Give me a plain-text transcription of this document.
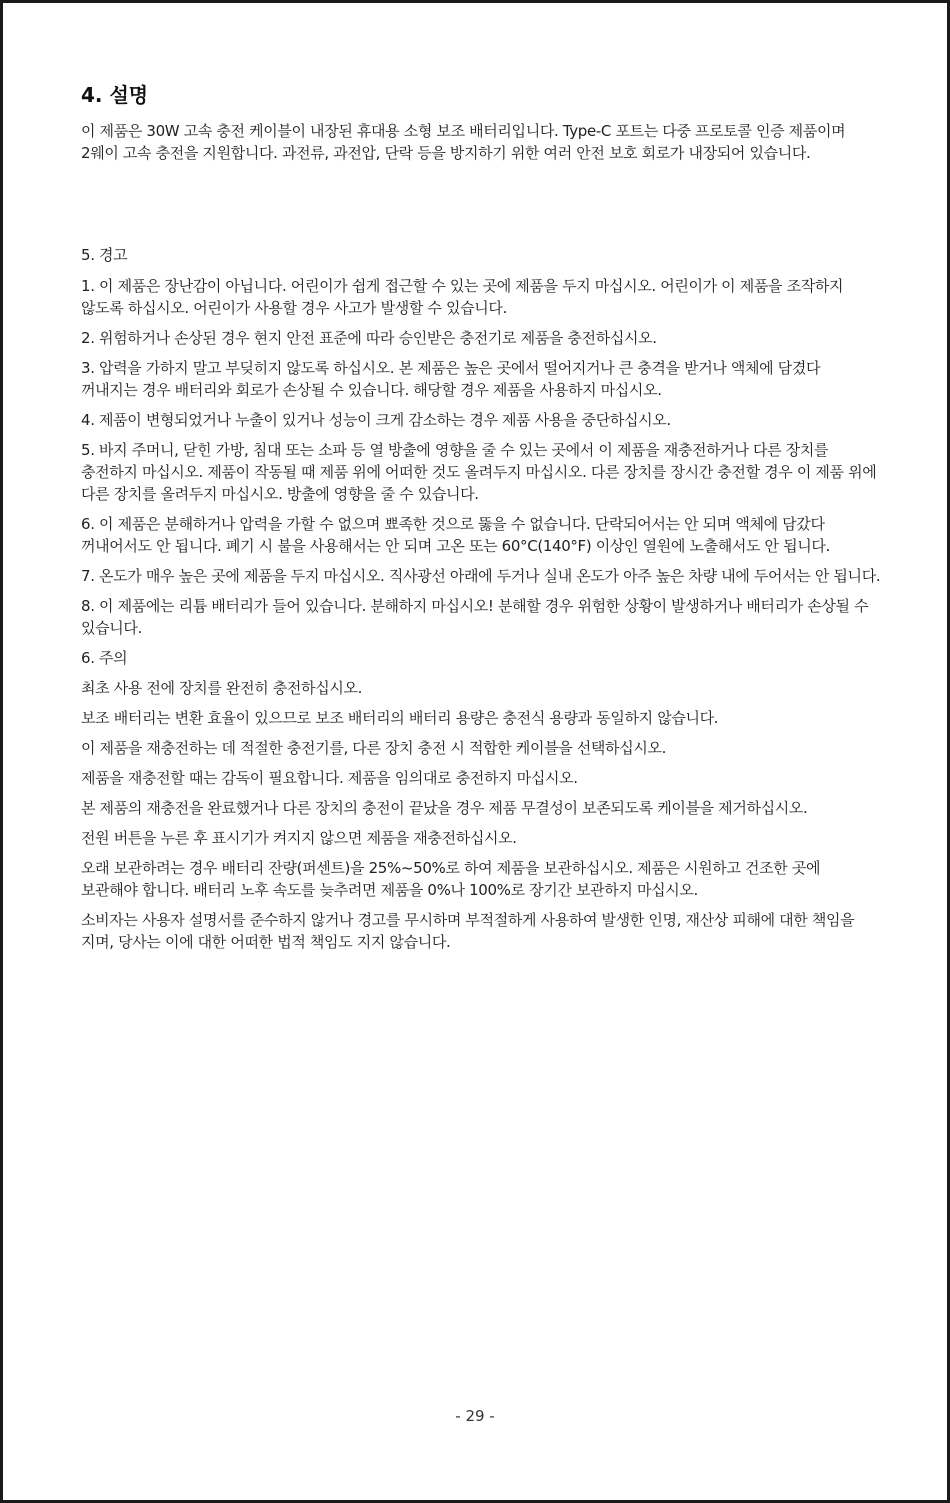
4. 설명

이 제품은 30W 고속 충전 케이블이 내장된 휴대용 소형 보조 배터리입니다. Type-C 포트는 다중 프로토콜 인증 제품이며 2웨이 고속 충전을 지원합니다. 과전류, 과전압, 단락 등을 방지하기 위한 여러 안전 보호 회로가 내장되어 있습니다.

5. 경고

1. 이 제품은 장난감이 아닙니다. 어린이가 쉽게 접근할 수 있는 곳에 제품을 두지 마십시오. 어린이가 이 제품을 조작하지 않도록 하십시오. 어린이가 사용할 경우 사고가 발생할 수 있습니다.

2. 위험하거나 손상된 경우 현지 안전 표준에 따라 승인받은 충전기로 제품을 충전하십시오.

3. 압력을 가하지 말고 부딪히지 않도록 하십시오. 본 제품은 높은 곳에서 떨어지거나 큰 충격을 받거나 액체에 담겼다 꺼내지는 경우 배터리와 회로가 손상될 수 있습니다. 해당할 경우 제품을 사용하지 마십시오.

4. 제품이 변형되었거나 누출이 있거나 성능이 크게 감소하는 경우 제품 사용을 중단하십시오.

5. 바지 주머니, 닫힌 가방, 침대 또는 소파 등 열 방출에 영향을 줄 수 있는 곳에서 이 제품을 재충전하거나 다른 장치를 충전하지 마십시오. 제품이 작동될 때 제품 위에 어떠한 것도 올려두지 마십시오. 다른 장치를 장시간 충전할 경우 이 제품 위에 다른 장치를 올려두지 마십시오. 방출에 영향을 줄 수 있습니다.

6. 이 제품은 분해하거나 압력을 가할 수 없으며 뾰족한 것으로 뚫을 수 없습니다. 단락되어서는 안 되며 액체에 담갔다 꺼내어서도 안 됩니다. 폐기 시 불을 사용해서는 안 되며 고온 또는 60°C(140°F) 이상인 열원에 노출해서도 안 됩니다.

7. 온도가 매우 높은 곳에 제품을 두지 마십시오. 직사광선 아래에 두거나 실내 온도가 아주 높은 차량 내에 두어서는 안 됩니다.

8. 이 제품에는 리튬 배터리가 들어 있습니다. 분해하지 마십시오! 분해할 경우 위험한 상황이 발생하거나 배터리가 손상될 수 있습니다.

6. 주의

최초 사용 전에 장치를 완전히 충전하십시오.

보조 배터리는 변환 효율이 있으므로 보조 배터리의 배터리 용량은 충전식 용량과 동일하지 않습니다.

이 제품을 재충전하는 데 적절한 충전기를, 다른 장치 충전 시 적합한 케이블을 선택하십시오.

제품을 재충전할 때는 감독이 필요합니다. 제품을 임의대로 충전하지 마십시오.

본 제품의 재충전을 완료했거나 다른 장치의 충전이 끝났을 경우 제품 무결성이 보존되도록 케이블을 제거하십시오.

전원 버튼을 누른 후 표시기가 켜지지 않으면 제품을 재충전하십시오.

오래 보관하려는 경우 배터리 잔량(퍼센트)을 25%~50%로 하여 제품을 보관하십시오. 제품은 시원하고 건조한 곳에 보관해야 합니다. 배터리 노후 속도를 늦추려면 제품을 0%나 100%로 장기간 보관하지 마십시오.

소비자는 사용자 설명서를 준수하지 않거나 경고를 무시하며 부적절하게 사용하여 발생한 인명, 재산상 피해에 대한 책임을 지며, 당사는 이에 대한 어떠한 법적 책임도 지지 않습니다.

- 29 -
